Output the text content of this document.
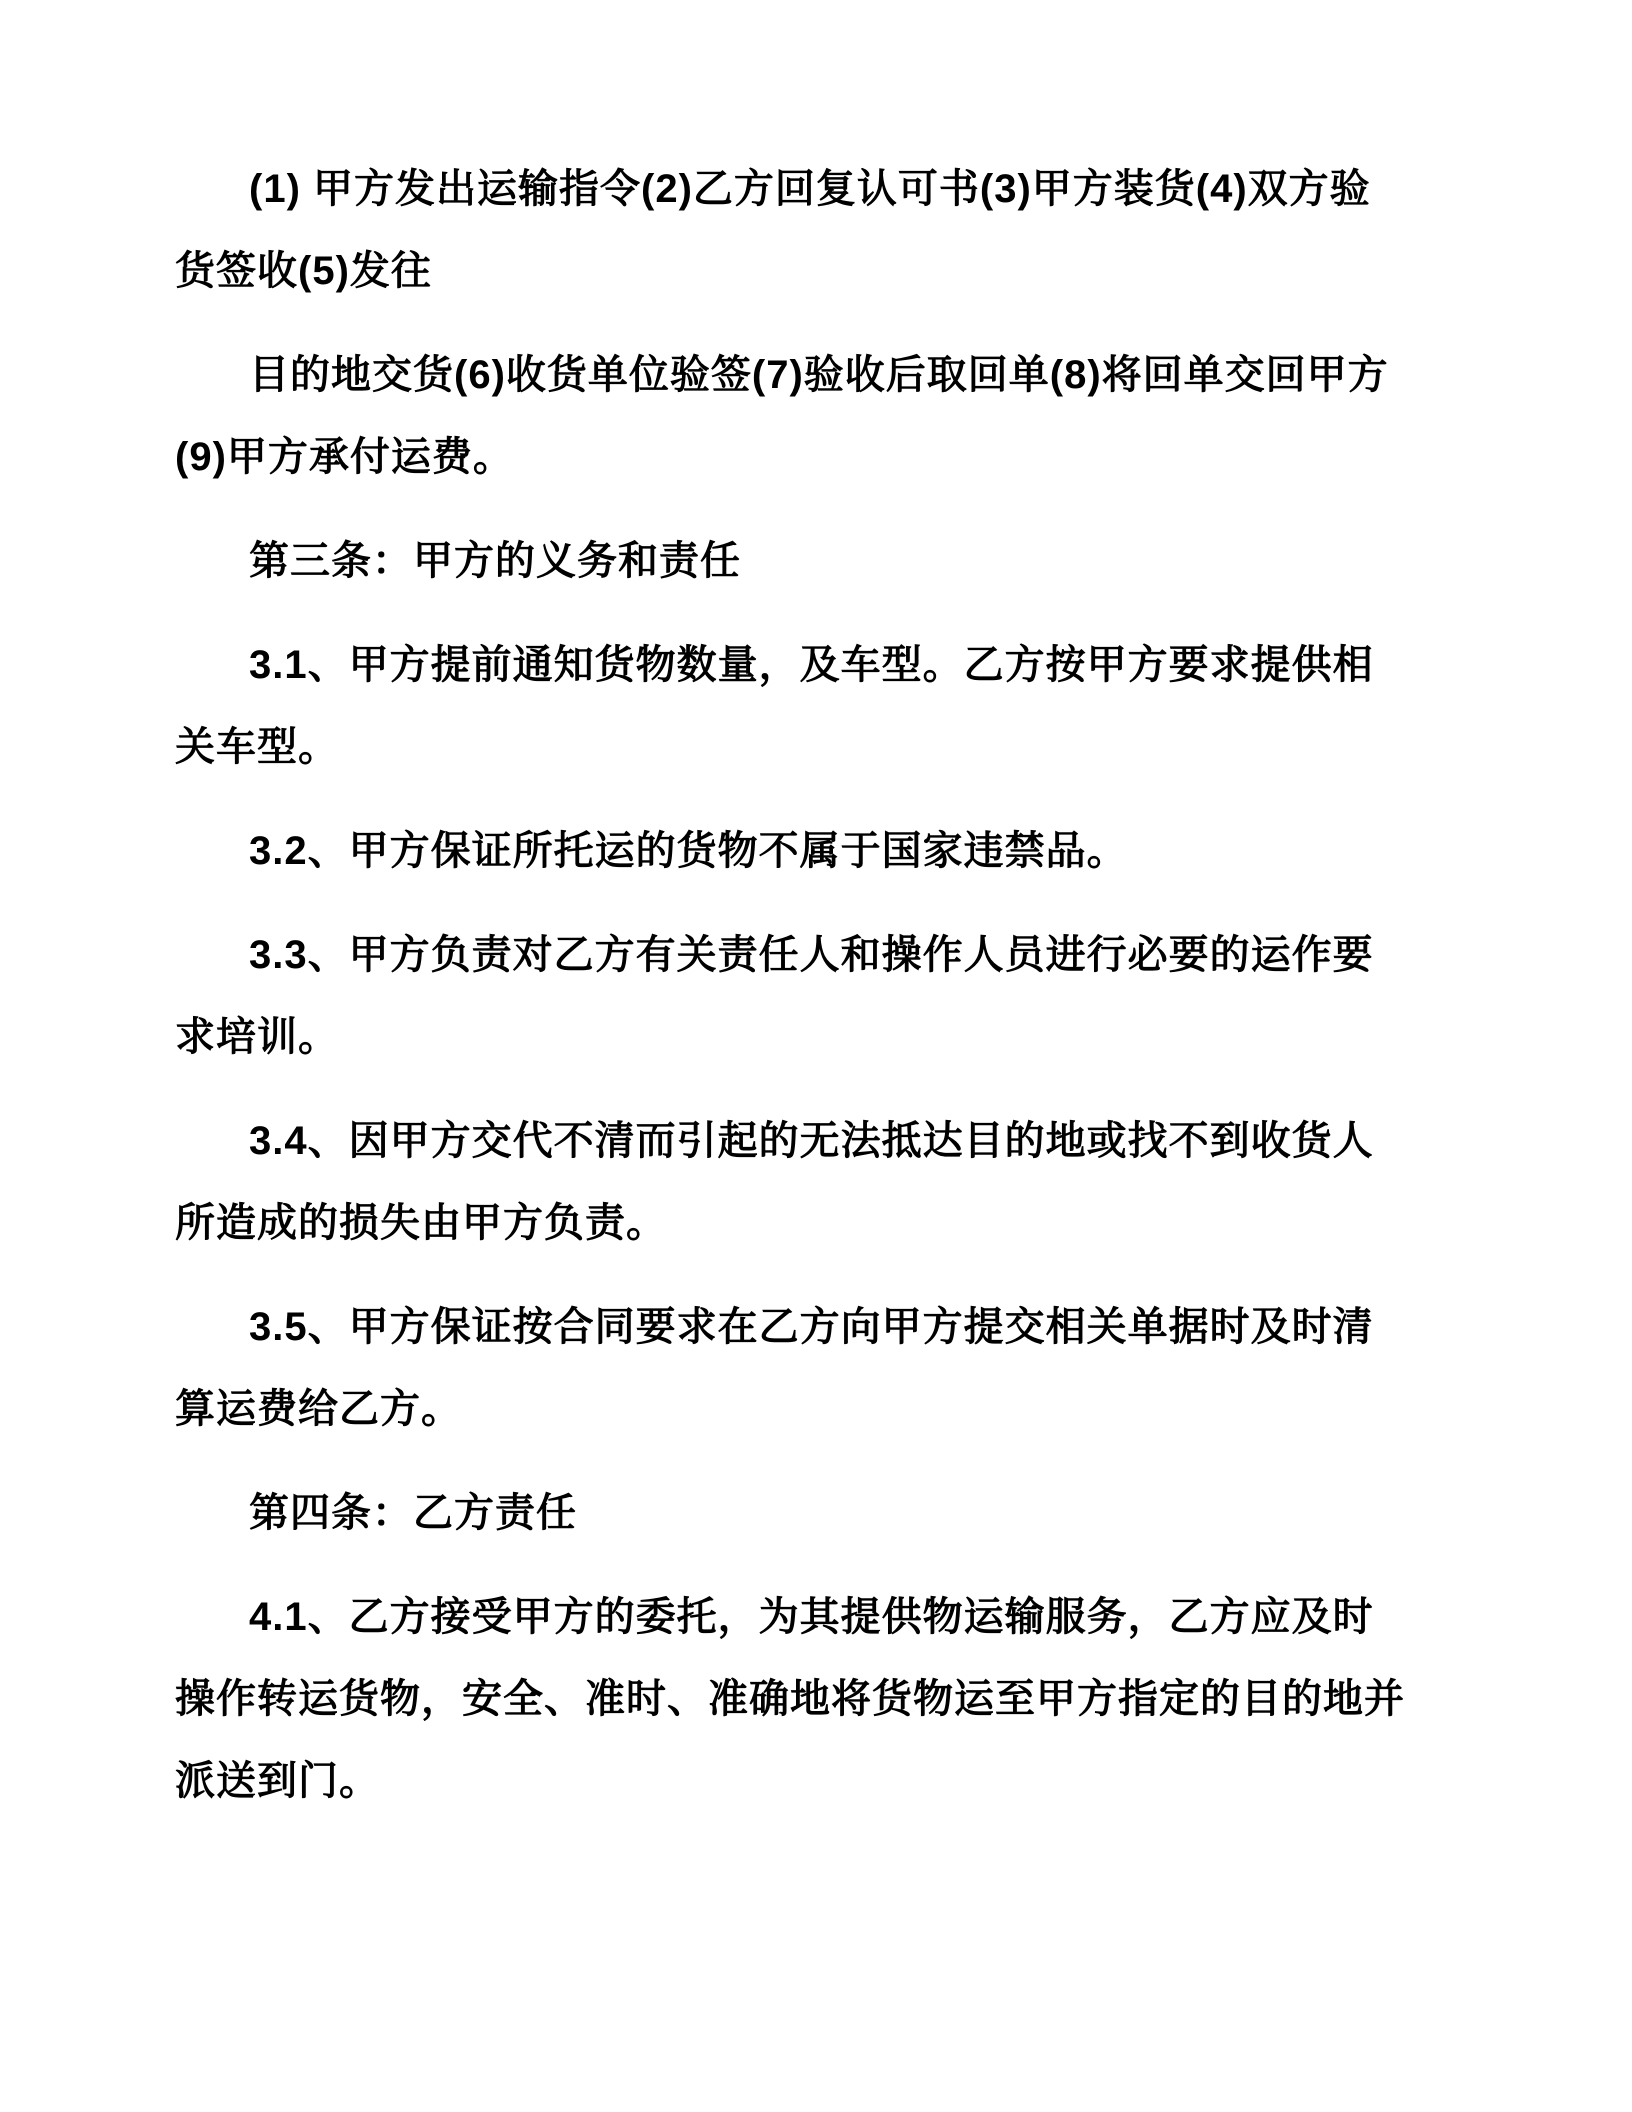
(1) 甲方发出运输指令(2)乙方回复认可书(3)甲方装货(4)双方验
货签收(5)发往
目的地交货(6)收货单位验签(7)验收后取回单(8)将回单交回甲方
(9)甲方承付运费。
第三条：甲方的义务和责任
3.1、甲方提前通知货物数量，及车型。乙方按甲方要求提供相
关车型。
3.2、甲方保证所托运的货物不属于国家违禁品。
3.3、甲方负责对乙方有关责任人和操作人员进行必要的运作要
求培训。
3.4、因甲方交代不清而引起的无法抵达目的地或找不到收货人
所造成的损失由甲方负责。
3.5、甲方保证按合同要求在乙方向甲方提交相关单据时及时清
算运费给乙方。
第四条：乙方责任
4.1、乙方接受甲方的委托，为其提供物运输服务，乙方应及时
操作转运货物，安全、准时、准确地将货物运至甲方指定的目的地并
派送到门。
